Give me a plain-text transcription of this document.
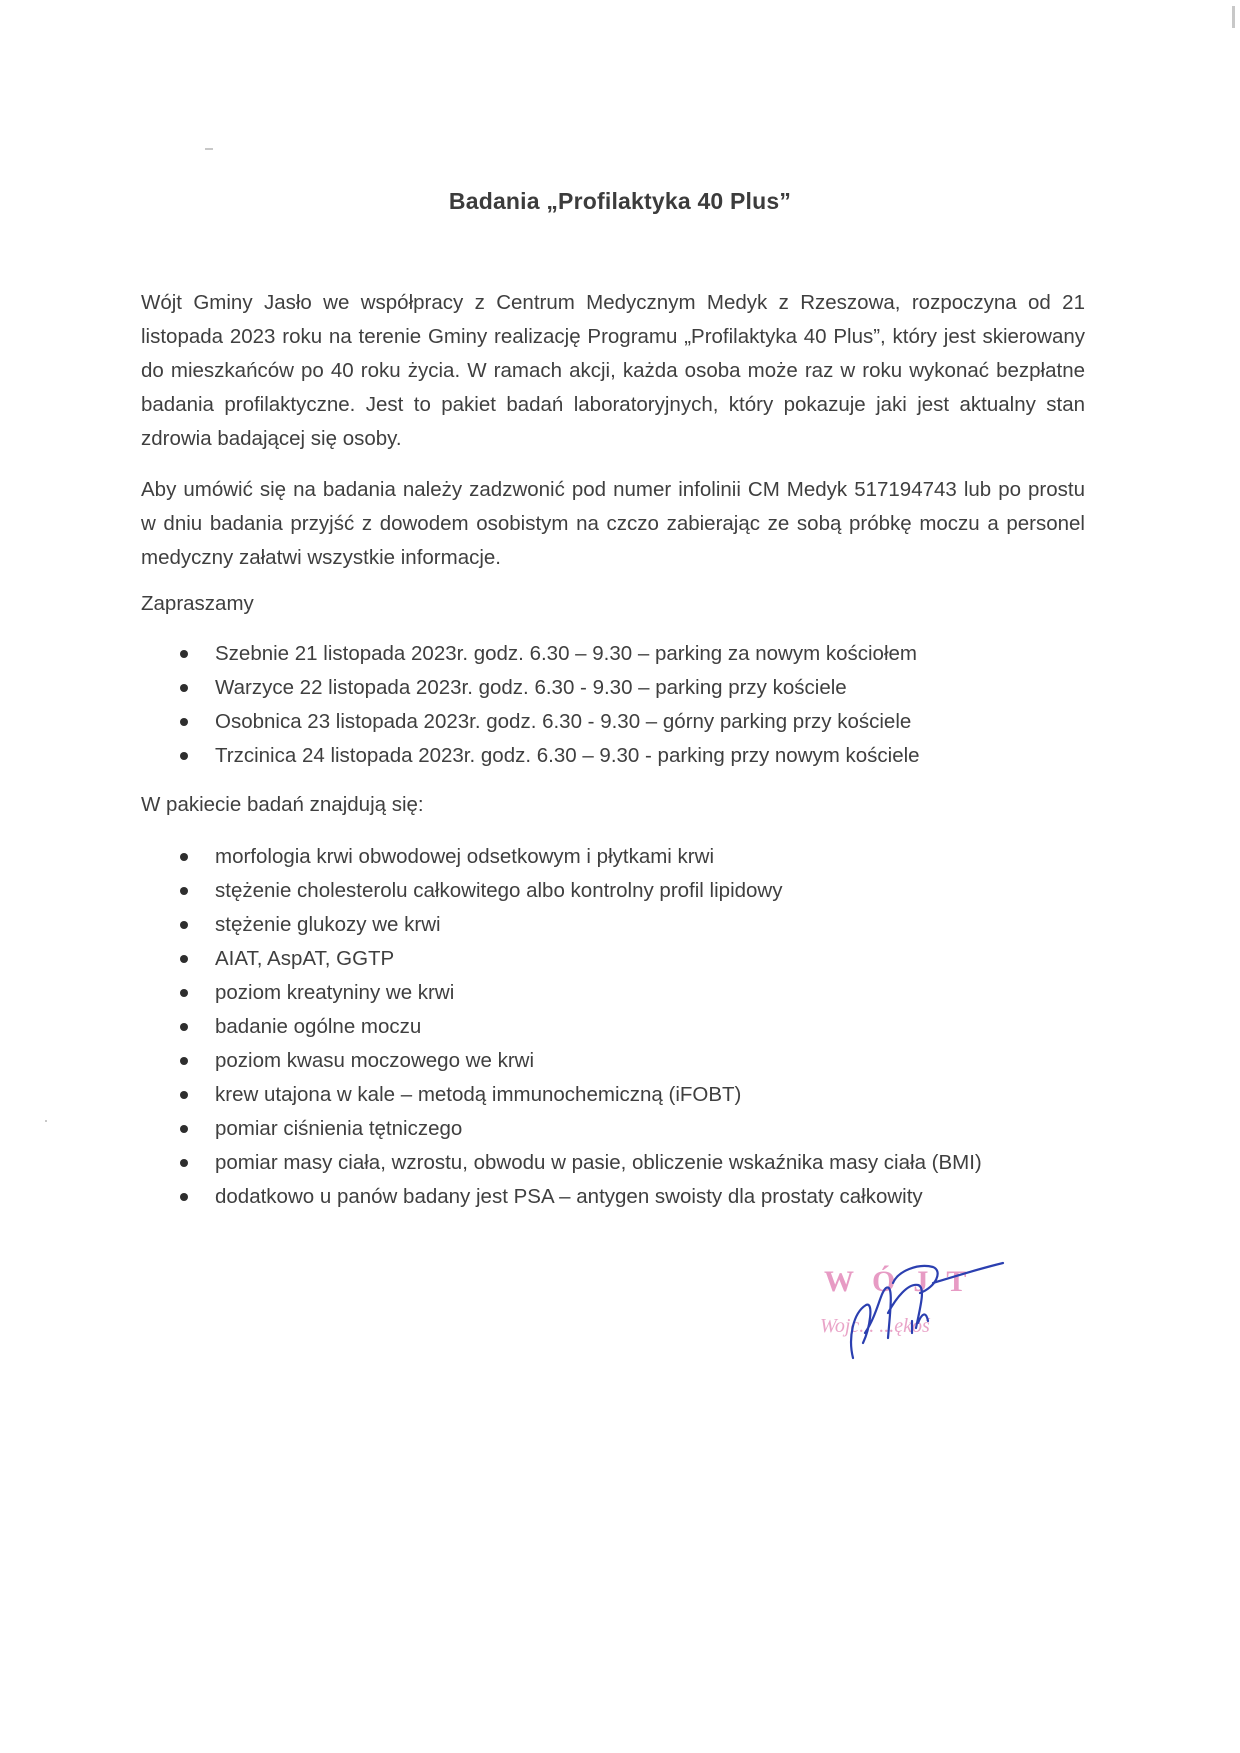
Badania „Profilaktyka 40 Plus”
Wójt Gminy Jasło we współpracy z Centrum Medycznym Medyk z Rzeszowa, rozpoczyna od 21 listopada 2023 roku na terenie Gminy realizację Programu „Profilaktyka 40 Plus”, który jest skierowany do mieszkańców po 40 roku życia. W ramach akcji, każda osoba może raz w roku wykonać bezpłatne badania profilaktyczne. Jest to pakiet badań laboratoryjnych, który pokazuje jaki jest aktualny stan zdrowia badającej się osoby.
Aby umówić się na badania należy zadzwonić pod numer infolinii CM Medyk 517194743 lub po prostu w dniu badania przyjść z dowodem osobistym na czczo zabierając ze sobą próbkę moczu a personel medyczny załatwi wszystkie informacje.
Zapraszamy
Szebnie 21 listopada 2023r. godz. 6.30 – 9.30 – parking za nowym kościołem
Warzyce 22 listopada 2023r. godz. 6.30 - 9.30 – parking przy kościele
Osobnica 23 listopada 2023r. godz. 6.30 - 9.30 – górny parking przy kościele
Trzcinica 24 listopada 2023r. godz. 6.30 – 9.30 - parking przy nowym kościele
W pakiecie badań znajdują się:
morfologia krwi obwodowej odsetkowym i płytkami krwi
stężenie cholesterolu całkowitego albo kontrolny profil lipidowy
stężenie glukozy we krwi
AIAT, AspAT, GGTP
poziom kreatyniny we krwi
badanie ogólne moczu
poziom kwasu moczowego we krwi
krew utajona w kale – metodą immunochemiczną (iFOBT)
pomiar ciśnienia tętniczego
pomiar masy ciała, wzrostu, obwodu w pasie, obliczenie wskaźnika masy ciała (BMI)
dodatkowo u panów badany jest PSA – antygen swoisty dla prostaty całkowity
WÓJT
Wojc... ...ękoś
